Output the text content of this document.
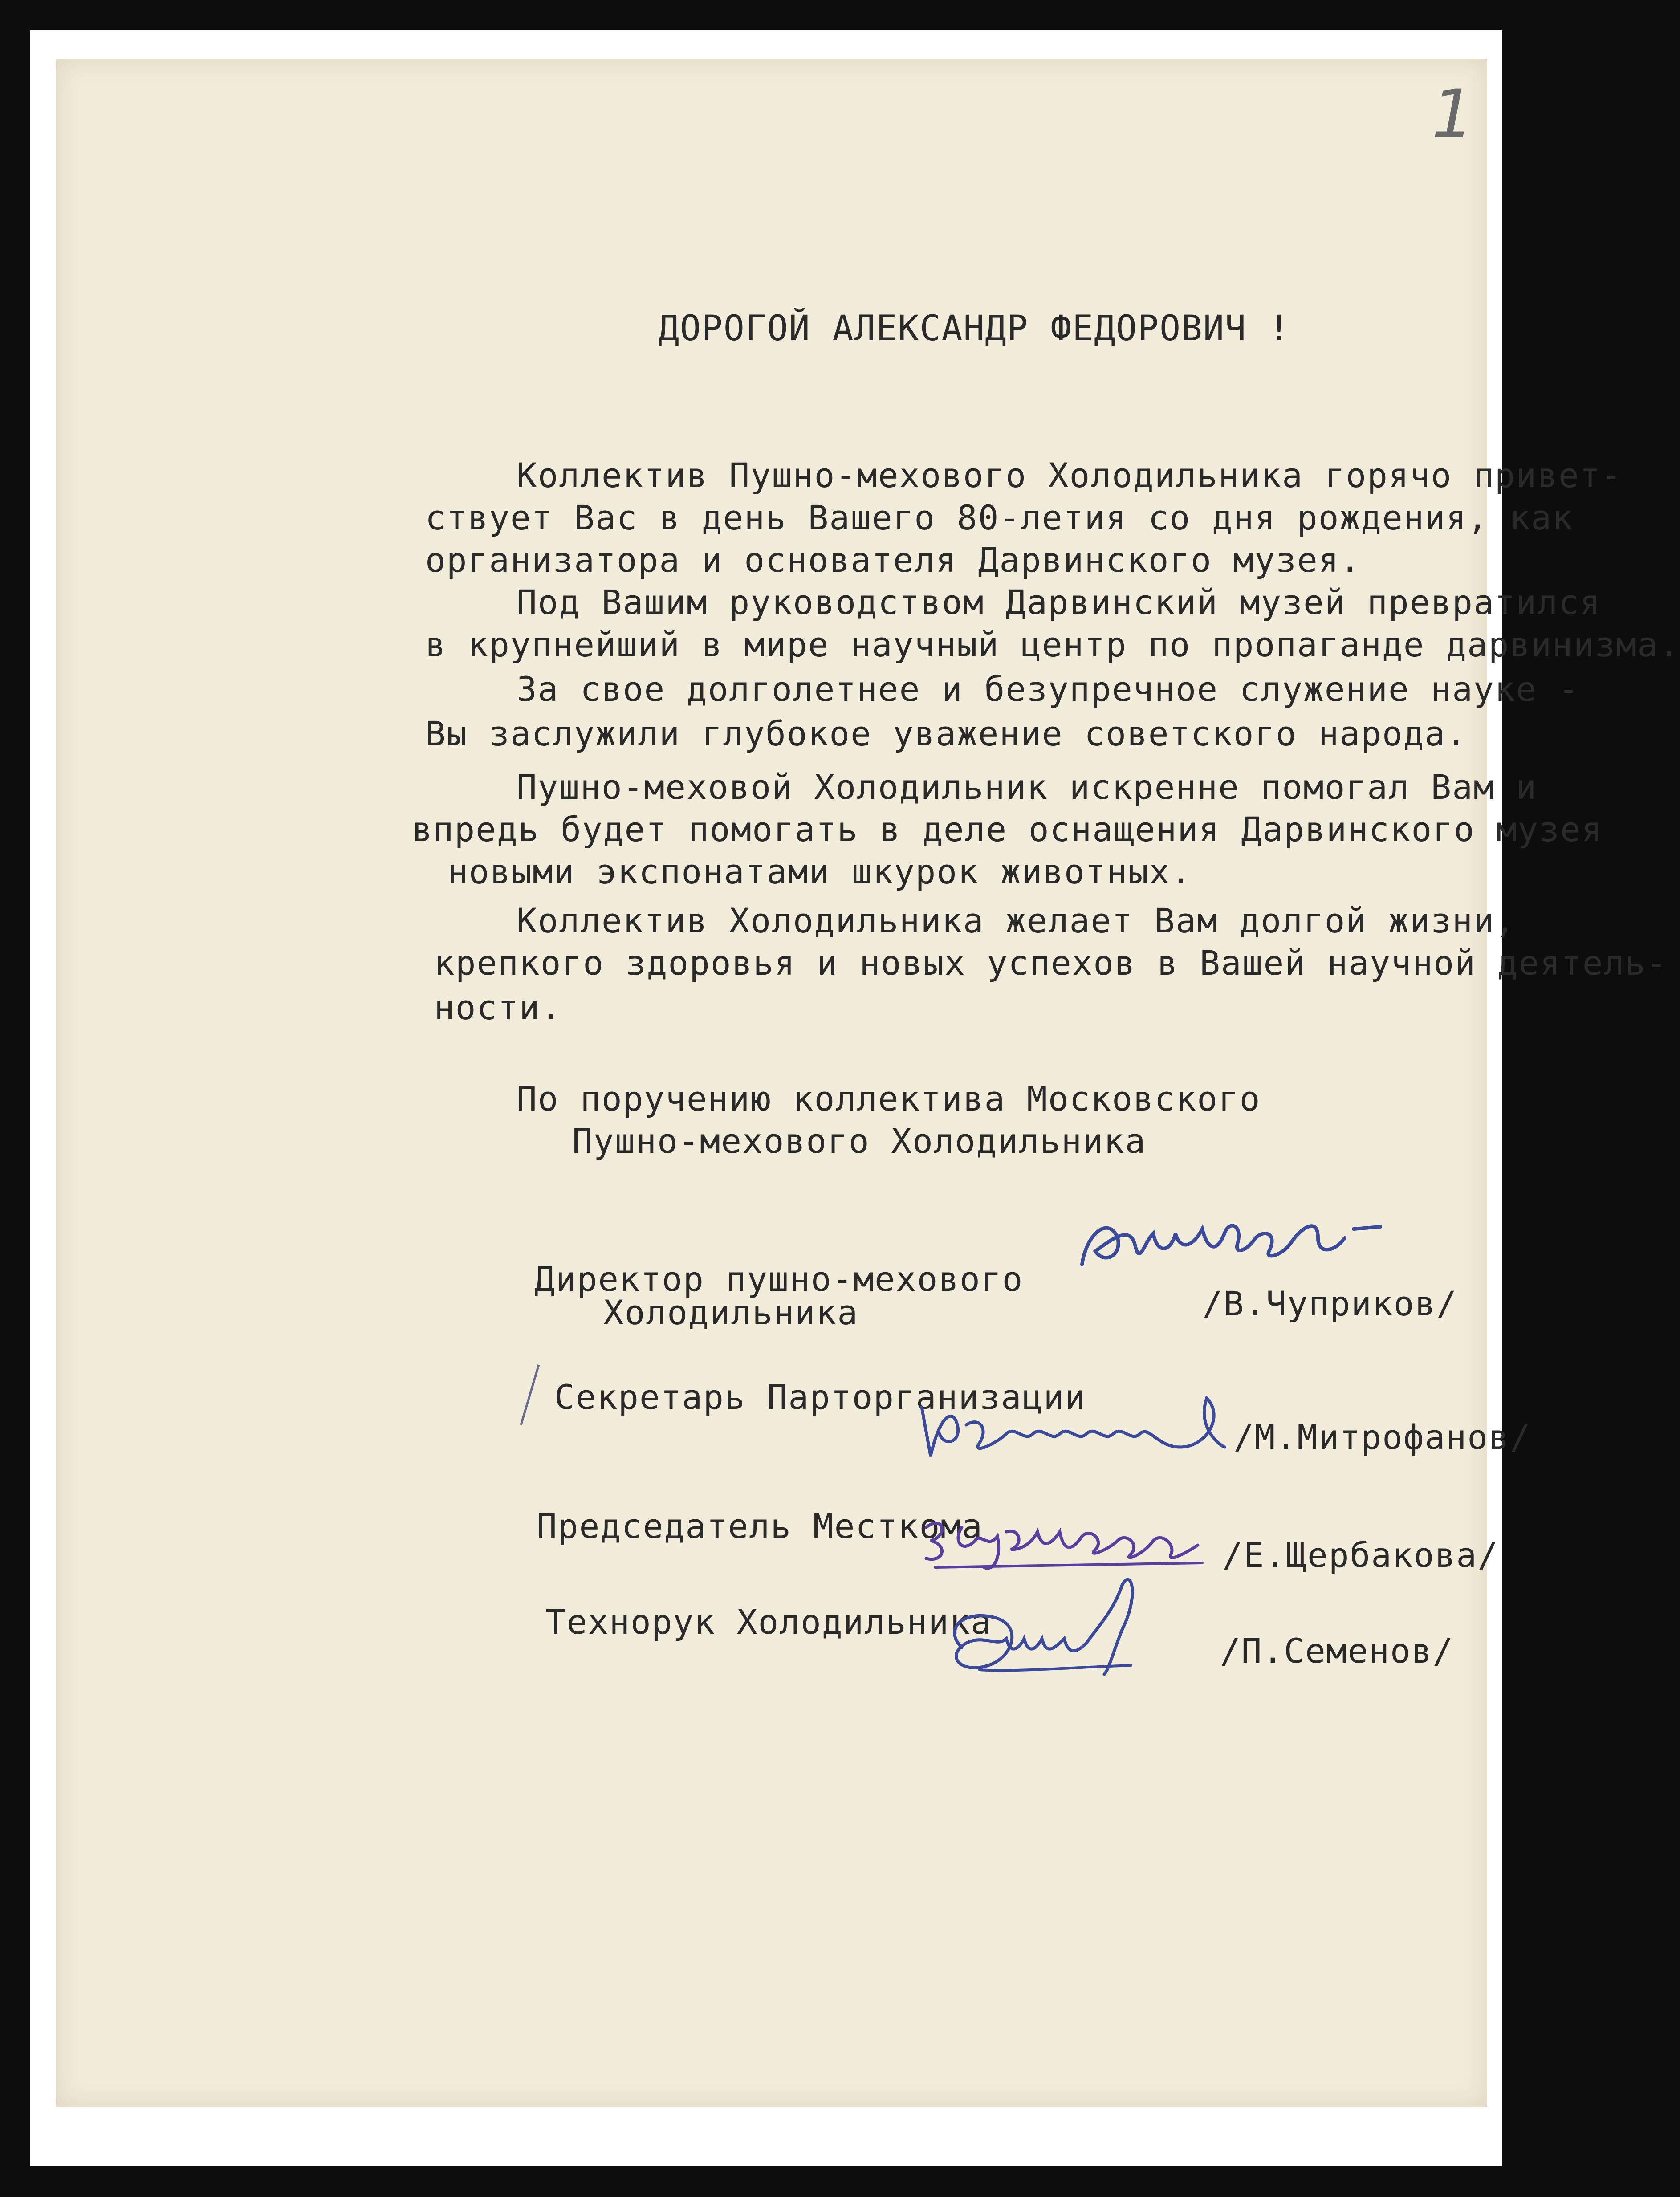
1
ДОРОГОЙ АЛЕКСАНДР ФЕДОРОВИЧ !
Коллектив Пушно-мехового Холодильника горячо привет-
ствует Вас в день Вашего 80-летия со дня рождения, как
организатора и основателя Дарвинского музея.
Под Вашим руководством Дарвинский музей превратился
в крупнейший в мире научный центр по пропаганде дарвинизма.
За свое долголетнее и безупречное служение науке -
Вы заслужили глубокое уважение советского народа.
Пушно-меховой Холодильник искренне помогал Вам и
впредь будет помогать в деле оснащения Дарвинского музея
новыми экспонатами шкурок животных.
Коллектив Холодильника желает Вам долгой жизни,
крепкого здоровья и новых успехов в Вашей научной деятель-
ности.
По поручению коллектива Московского
Пушно-мехового Холодильника
Директор пушно-мехового
Холодильника	/В.Чуприков/
Секретарь Парторганизации
/М.Митрофанов/
Председатель Месткома
/Е.Щербакова/
Технорук Холодильника
/П.Семенов/
